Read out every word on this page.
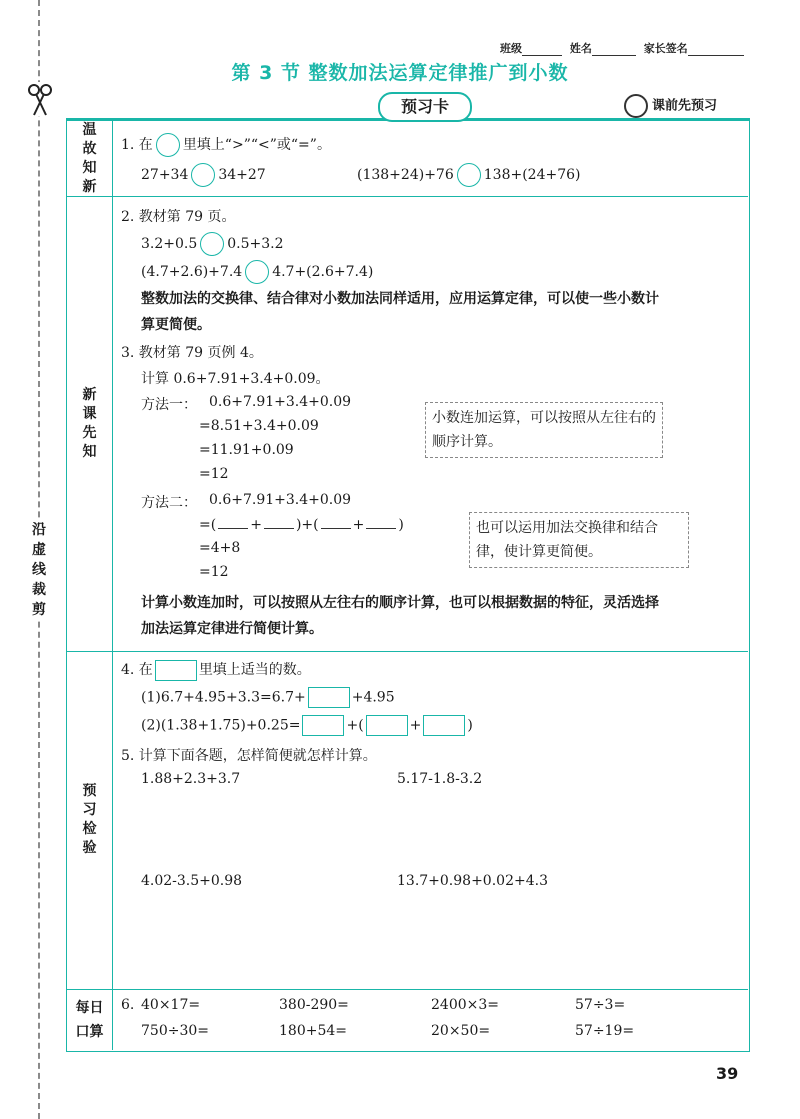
沿
虚
线
裁
剪
班级	姓名	家长签名
第 3 节 整数加法运算定律推广到小数
预习卡	课前先预习
温
故
知
新
1. 在 里填上“>”“<”或“=”。
27+34 34+27	(138+24)+76 138+(24+76)
新
课
先
知
2. 教材第 79 页。
3.2+0.5 0.5+3.2
(4.7+2.6)+7.4 4.7+(2.6+7.4)
整数加法的交换律、结合律对小数加法同样适用，应用运算定律，可以使一些小数计
算更简便。
3. 教材第 79 页例 4。
计算 0.6+7.91+3.4+0.09。
方法一： 0.6+7.91+3.4+0.09
=8.51+3.4+0.09
=11.91+0.09
=12
小数连加运算，可以按照从左往右的顺序计算。
方法二： 0.6+7.91+3.4+0.09
=( + )+( + )
=4+8
=12
也可以运用加法交换律和结合律，使计算更简便。
计算小数连加时，可以按照从左往右的顺序计算，也可以根据数据的特征，灵活选择
加法运算定律进行简便计算。
预
习
检
验
4. 在	里填上适当的数。
(1)6.7+4.95+3.3=6.7+	+4.95
(2)(1.38+1.75)+0.25=	+(	+	)
5. 计算下面各题，怎样简便就怎样计算。
1.88+2.3+3.7	5.17-1.8-3.2
4.02-3.5+0.98	13.7+0.98+0.02+4.3
每日
口算
6. 40×17=	380-290=	2400×3=	57÷3=
750÷30=	180+54=	20×50=	57÷19=
39
